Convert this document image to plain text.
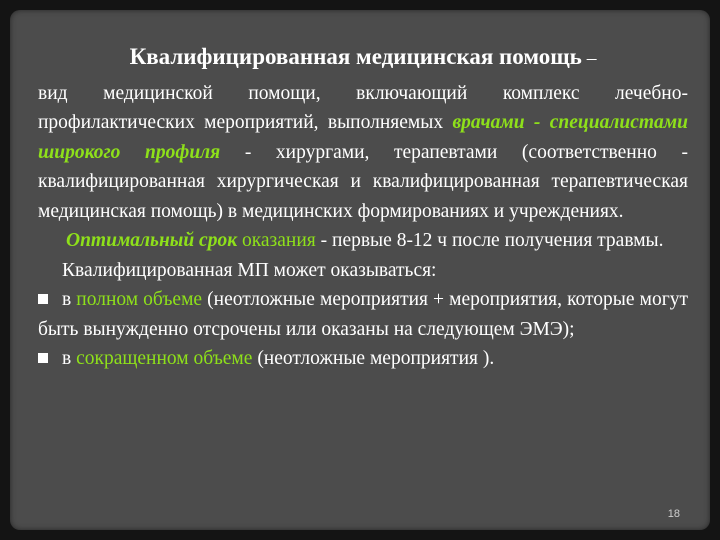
Квалифицированная медицинская помощь –

вид медицинской помощи, включающий комплекс лечебно-профилактических мероприятий, выполняемых врачами - специалистами широкого профиля - хирургами, терапевтами (соответственно - квалифицированная хирургическая и квалифицированная терапевтическая медицинская помощь) в медицинских формированиях и учреждениях.

Оптимальный срок оказания - первые 8-12 ч после получения травмы.

Квалифицированная МП может оказываться:

в полном объеме (неотложные мероприятия + мероприятия, которые могут быть вынужденно отсрочены или оказаны на следующем ЭМЭ);

в сокращенном объеме (неотложные мероприятия ).

18
